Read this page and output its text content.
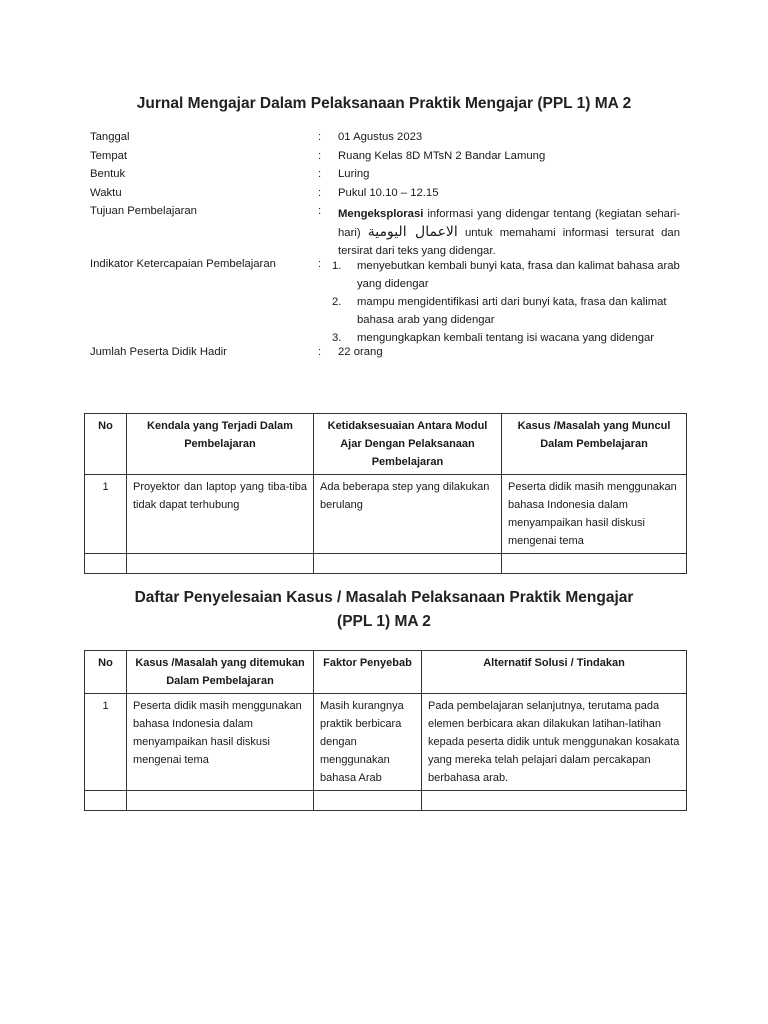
Jurnal Mengajar Dalam Pelaksanaan Praktik Mengajar (PPL 1) MA 2
Tanggal	: 01 Agustus 2023
Tempat	: Ruang Kelas 8D MTsN 2 Bandar Lamung
Bentuk	: Luring
Waktu	: Pukul 10.10 – 12.15
Tujuan Pembelajaran	: Mengeksplorasi informasi yang didengar tentang (kegiatan sehari-hari) الاعمال اليومية untuk memahami informasi tersurat dan tersirat dari teks yang didengar.
Indikator Ketercapaian Pembelajaran	: 1. menyebutkan kembali bunyi kata, frasa dan kalimat bahasa arab yang didengar
2. mampu mengidentifikasi arti dari bunyi kata, frasa dan kalimat bahasa arab yang didengar
3. mengungkapkan kembali tentang isi wacana yang didengar
Jumlah Peserta Didik Hadir	: 22 orang
No	Kendala yang Terjadi Dalam Pembelajaran	Ketidaksesuaian Antara Modul Ajar Dengan Pelaksanaan Pembelajaran	Kasus /Masalah yang Muncul Dalam Pembelajaran
1	Proyektor dan laptop yang tiba-tiba tidak dapat terhubung	Ada beberapa step yang dilakukan berulang	Peserta didik masih menggunakan bahasa Indonesia dalam menyampaikan hasil diskusi mengenai tema

Daftar Penyelesaian Kasus / Masalah Pelaksanaan Praktik Mengajar
(PPL 1) MA 2
No	Kasus /Masalah yang ditemukan Dalam Pembelajaran	Faktor Penyebab	Alternatif Solusi / Tindakan
1	Peserta didik masih menggunakan bahasa Indonesia dalam menyampaikan hasil diskusi mengenai tema	Masih kurangnya praktik berbicara dengan menggunakan bahasa Arab	Pada pembelajaran selanjutnya, terutama pada elemen berbicara akan dilakukan latihan-latihan kepada peserta didik untuk menggunakan kosakata yang mereka telah pelajari dalam percakapan berbahasa arab.
